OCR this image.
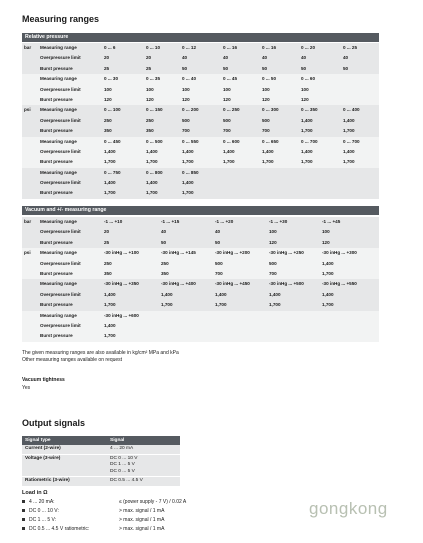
Measuring ranges
Relative pressure
bar Measuring range	0 ... 6	0 ... 10	0 ... 12	0 ... 16	0 ... 16	0 ... 20	0 ... 25
Overpressure limit	20	20	40	40	40	40	40
Burst pressure	25	25	50	50	50	50	50
Measuring range	0 ... 30	0 ... 35	0 ... 40	0 ... 45	0 ... 50	0 ... 60
Overpressure limit	100	100	100	100	100	100
Burst pressure	120	120	120	120	120	120
psi Measuring range	0 ... 100	0 ... 150	0 ... 200	0 ... 250	0 ... 300	0 ... 350	0 ... 400
Overpressure limit	250	250	500	500	500	1,400	1,400
Burst pressure	350	350	700	700	700	1,700	1,700
Measuring range	0 ... 450	0 ... 500	0 ... 550	0 ... 600	0 ... 650	0 ... 700	0 ... 700
Overpressure limit	1,400	1,400	1,400	1,400	1,400	1,400	1,400
Burst pressure	1,700	1,700	1,700	1,700	1,700	1,700	1,700
Measuring range	0 ... 750	0 ... 800	0 ... 850
Overpressure limit	1,400	1,400	1,400
Burst pressure	1,700	1,700	1,700
Vacuum and +/- measuring range
bar Measuring range	-1 ... +10	-1 ... +15	-1 ... +20	-1 ... +30	-1 ... +45
Overpressure limit	20	40	40	100	100
Burst pressure	25	50	50	120	120
psi Measuring range	-30 inHg ... +100	-30 inHg ... +145	-30 inHg ... +200	-30 inHg ... +250	-30 inHg ... +300
Overpressure limit	250	250	500	500	1,400
Burst pressure	350	350	700	700	1,700
Measuring range	-30 inHg ... +350	-30 inHg ... +400	-30 inHg ... +450	-30 inHg ... +500	-30 inHg ... +550
Overpressure limit	1,400	1,400	1,400	1,400	1,400
Burst pressure	1,700	1,700	1,700	1,700	1,700
Measuring range	-30 inHg ... +600
Overpressure limit	1,400
Burst pressure	1,700
The given measuring ranges are also available in kg/cm² MPa and kPa
Other measuring ranges available on request
Vacuum tightness
Yes
Output signals
Signal type	Signal
Current (2-wire)	4 ... 20 mA
Voltage (3-wire)	DC 0 ... 10 V
DC 1 ... 5 V
DC 0 ... 5 V
Ratiometric (3-wire)	DC 0.5 ... 4.5 V
Load in Ω
4 ... 20 mA:	≤ (power supply - 7 V) / 0.02 A
DC 0 ... 10 V:	> max. signal / 1 mA
DC 1 ... 5 V:	> max. signal / 1 mA
DC 0.5 ... 4.5 V ratiometric:	> max. signal / 1 mA
gongkong
